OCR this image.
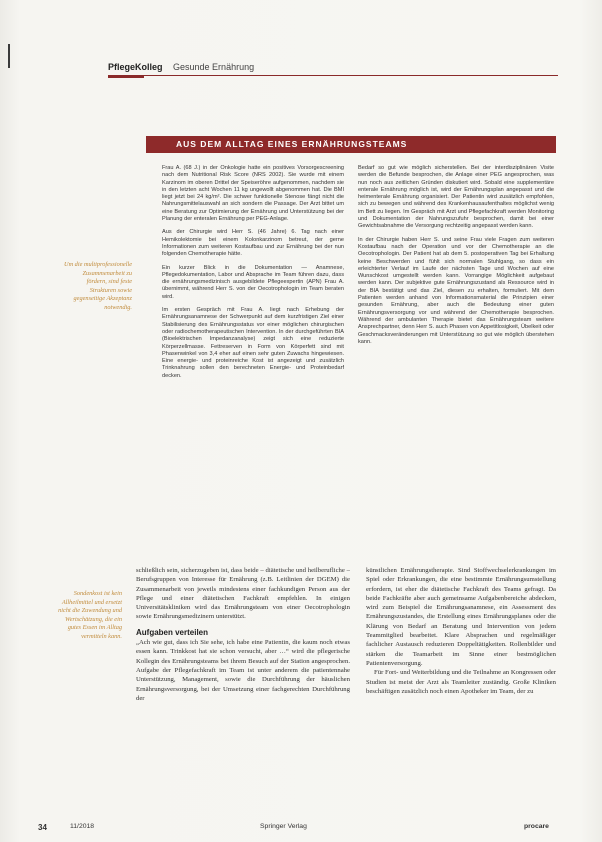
PflegeKolleg Gesunde Ernährung
AUS DEM ALLTAG EINES ERNÄHRUNGSTEAMS
Um die multiprofessionelle Zusammenarbeit zu fördern, sind feste Strukturen sowie gegenseitige Akzeptanz notwendig.

Frau A. (68 J.) in der Onkologie hatte ein positives Vorsorgescreening nach dem Nutritional Risk Score (NRS 2002). Sie wurde mit einem Karzinom im oberen Drittel der Speiseröhre aufgenommen, nachdem sie in den letzten acht Wochen 11 kg ungewollt abgenommen hat. Die BMI liegt jetzt bei 24 kg/m². Die schwer funktionelle Stenose fängt nicht die Nahrungsmittelauswahl an sich sondern die Passage. Der Arzt bittet um eine Beratung zur Optimierung der Ernährung und Unterstützung bei der Planung der enteralen Ernährung per PEG-Anlage.

Aus der Chirurgie wird Herr S. (46 Jahre) 6. Tag nach einer Hemikolektomie bei einem Kolonkarzinom betreut, der gerne Informationen zum weiteren Kostaufbau und zur Ernährung bei der nun folgenden Chemotherapie hätte.

Ein kurzer Blick in die Dokumentation — Anamnese, Pflegedokumentation, Labor und Absprache im Team führen dazu, dass die ernährungsmedizinisch ausgebildete Pflegeexpertin (APN) Frau A. übernimmt, während Herr S. von der Oecotrophologin im Team beraten wird.

Im ersten Gespräch mit Frau A. liegt nach Erhebung der Ernährungsanamnese der Schwerpunkt auf dem kurzfristigen Ziel einer Stabilisierung des Ernährungsstatus vor einer möglichen chirurgischen oder radiochemotherapeutischen Intervention. In der durchgeführten BIA (Bioelektrischen Impedanzanalyse) zeigt sich eine reduzierte Körperzellmasse. Fettreserven in Form von Körperfett sind mit Phasenwinkel von 3,4 eher auf einen sehr guten Zuwachs hingewiesen. Eine energie- und proteinreiche Kost ist angezeigt und zusätzlich Trinknahrung sollen den berechneten Energie- und Proteinbedarf decken.

Bedarf so gut wie möglich sicherstellen. Bei der interdisziplinären Visite werden die Befunde besprochen, die Anlage einer PEG angesprochen, was nun noch aus zeitlichen Gründen diskutiert wird. Sobald eine supplementäre enterale Ernährung möglich ist, wird der Ernährungsplan angepasst und die heimenterale Ernährung organisiert. Der Patientin wird zusätzlich empfohlen, sich zu bewegen und während des Krankenhausaufenthaltes möglichst wenig im Bett zu liegen. Im Gespräch mit Arzt und Pflegefachkraft werden Monitoring und Dokumentation der Nahrungszufuhr besprochen, damit bei einer Gewichtsabnahme die Versorgung rechtzeitig angepasst werden kann.

In der Chirurgie haben Herr S. und seine Frau viele Fragen zum weiteren Kostaufbau nach der Operation und vor der Chemotherapie an die Oecotrophologin. Der Patient hat ab dem 5. postoperativen Tag bei Erhaltung keine Beschwerden und fühlt sich normalen Stuhlgang, so dass ein erleichterter Verlauf im Laufe der nächsten Tage und Wochen auf eine Wunschkost umgestellt werden kann. Vorrangige Möglichkeit aufgebaut werden kann. Der subjektive gute Ernährungszustand als Ressource wird in der BIA bestätigt und das Ziel, diesen zu erhalten, formuliert. Mit dem Patienten werden anhand von Informationsmaterial die Prinzipien einer gesunden Ernährung, aber auch die Bedeutung einer guten Ernährungsversorgung vor und während der Chemotherapie besprochen. Während der ambulanten Therapie bietet das Ernährungsteam weitere Ansprechpartner, denn Herr S. auch Phasen von Appetitlosigkeit, Übelkeit oder Geschmacksveränderungen mit Unterstützung so gut wie möglich überstehen kann.

Sondenkost ist kein Allheilmittel und ersetzt nicht die Zuwendung und Wertschätzung, die ein gutes Essen im Alltag vermitteln kann.

schließlich sein, sicherzugeben ist, dass beide – diätetische und heilberufliche – Berufsgruppen von Interesse für Ernährung (z.B. Leitlinien der DGEM) die Zusammenarbeit von jeweils mindestens einer fachkundigen Person aus der Pflege und einer diätetischen Fachkraft empfehlen. In einigen Universitätskliniken wird das Ernährungsteam von einer Oecotrophologin sowie Ernährungsmedizinern unterstützt.

Aufgaben verteilen

„Ach wie gut, dass ich Sie sehe, ich habe eine Patientin, die kaum noch etwas essen kann. Trinkkost hat sie schon versucht, aber …“ wird die pflegerische Kollegin des Ernährungsteams bei ihrem Besuch auf der Station angesprochen. Aufgabe der Pflegefachkraft im Team ist unter anderem die patientennahe Unterstützung, Management, sowie die Durchführung der häuslichen Ernährungsversorgung, bei der Umsetzung einer fachgerechten Durchführung der

künstlichen Ernährungstherapie. Sind Stoffwechselerkrankungen im Spiel oder Erkrankungen, die eine bestimmte Ernährungsumstellung erfordern, ist eher die diätetische Fachkraft des Teams gefragt. Da beide Fachkräfte aber auch gemeinsame Aufgabenbereiche abdecken, wird zum Beispiel die Ernährungsanamnese, ein Assessment des Ernährungszustandes, die Erstellung eines Ernährungsplanes oder die Klärung von Bedarf an Beratung und Intervention von jedem Teammitglied bearbeitet. Klare Absprachen und regelmäßiger fachlicher Austausch reduzieren Doppeltätigkeiten. Rollenbilder und stärken die Teamarbeit im Sinne einer bestmöglichen Patientenversorgung.

Für Fort- und Weiterbildung und die Teilnahme an Kongressen oder Studien ist meist der Arzt als Teamleiter zuständig. Große Kliniken beschäftigen zusätzlich noch einen Apotheker im Team, der zu

34	11/2018	Springer Verlag	procare
